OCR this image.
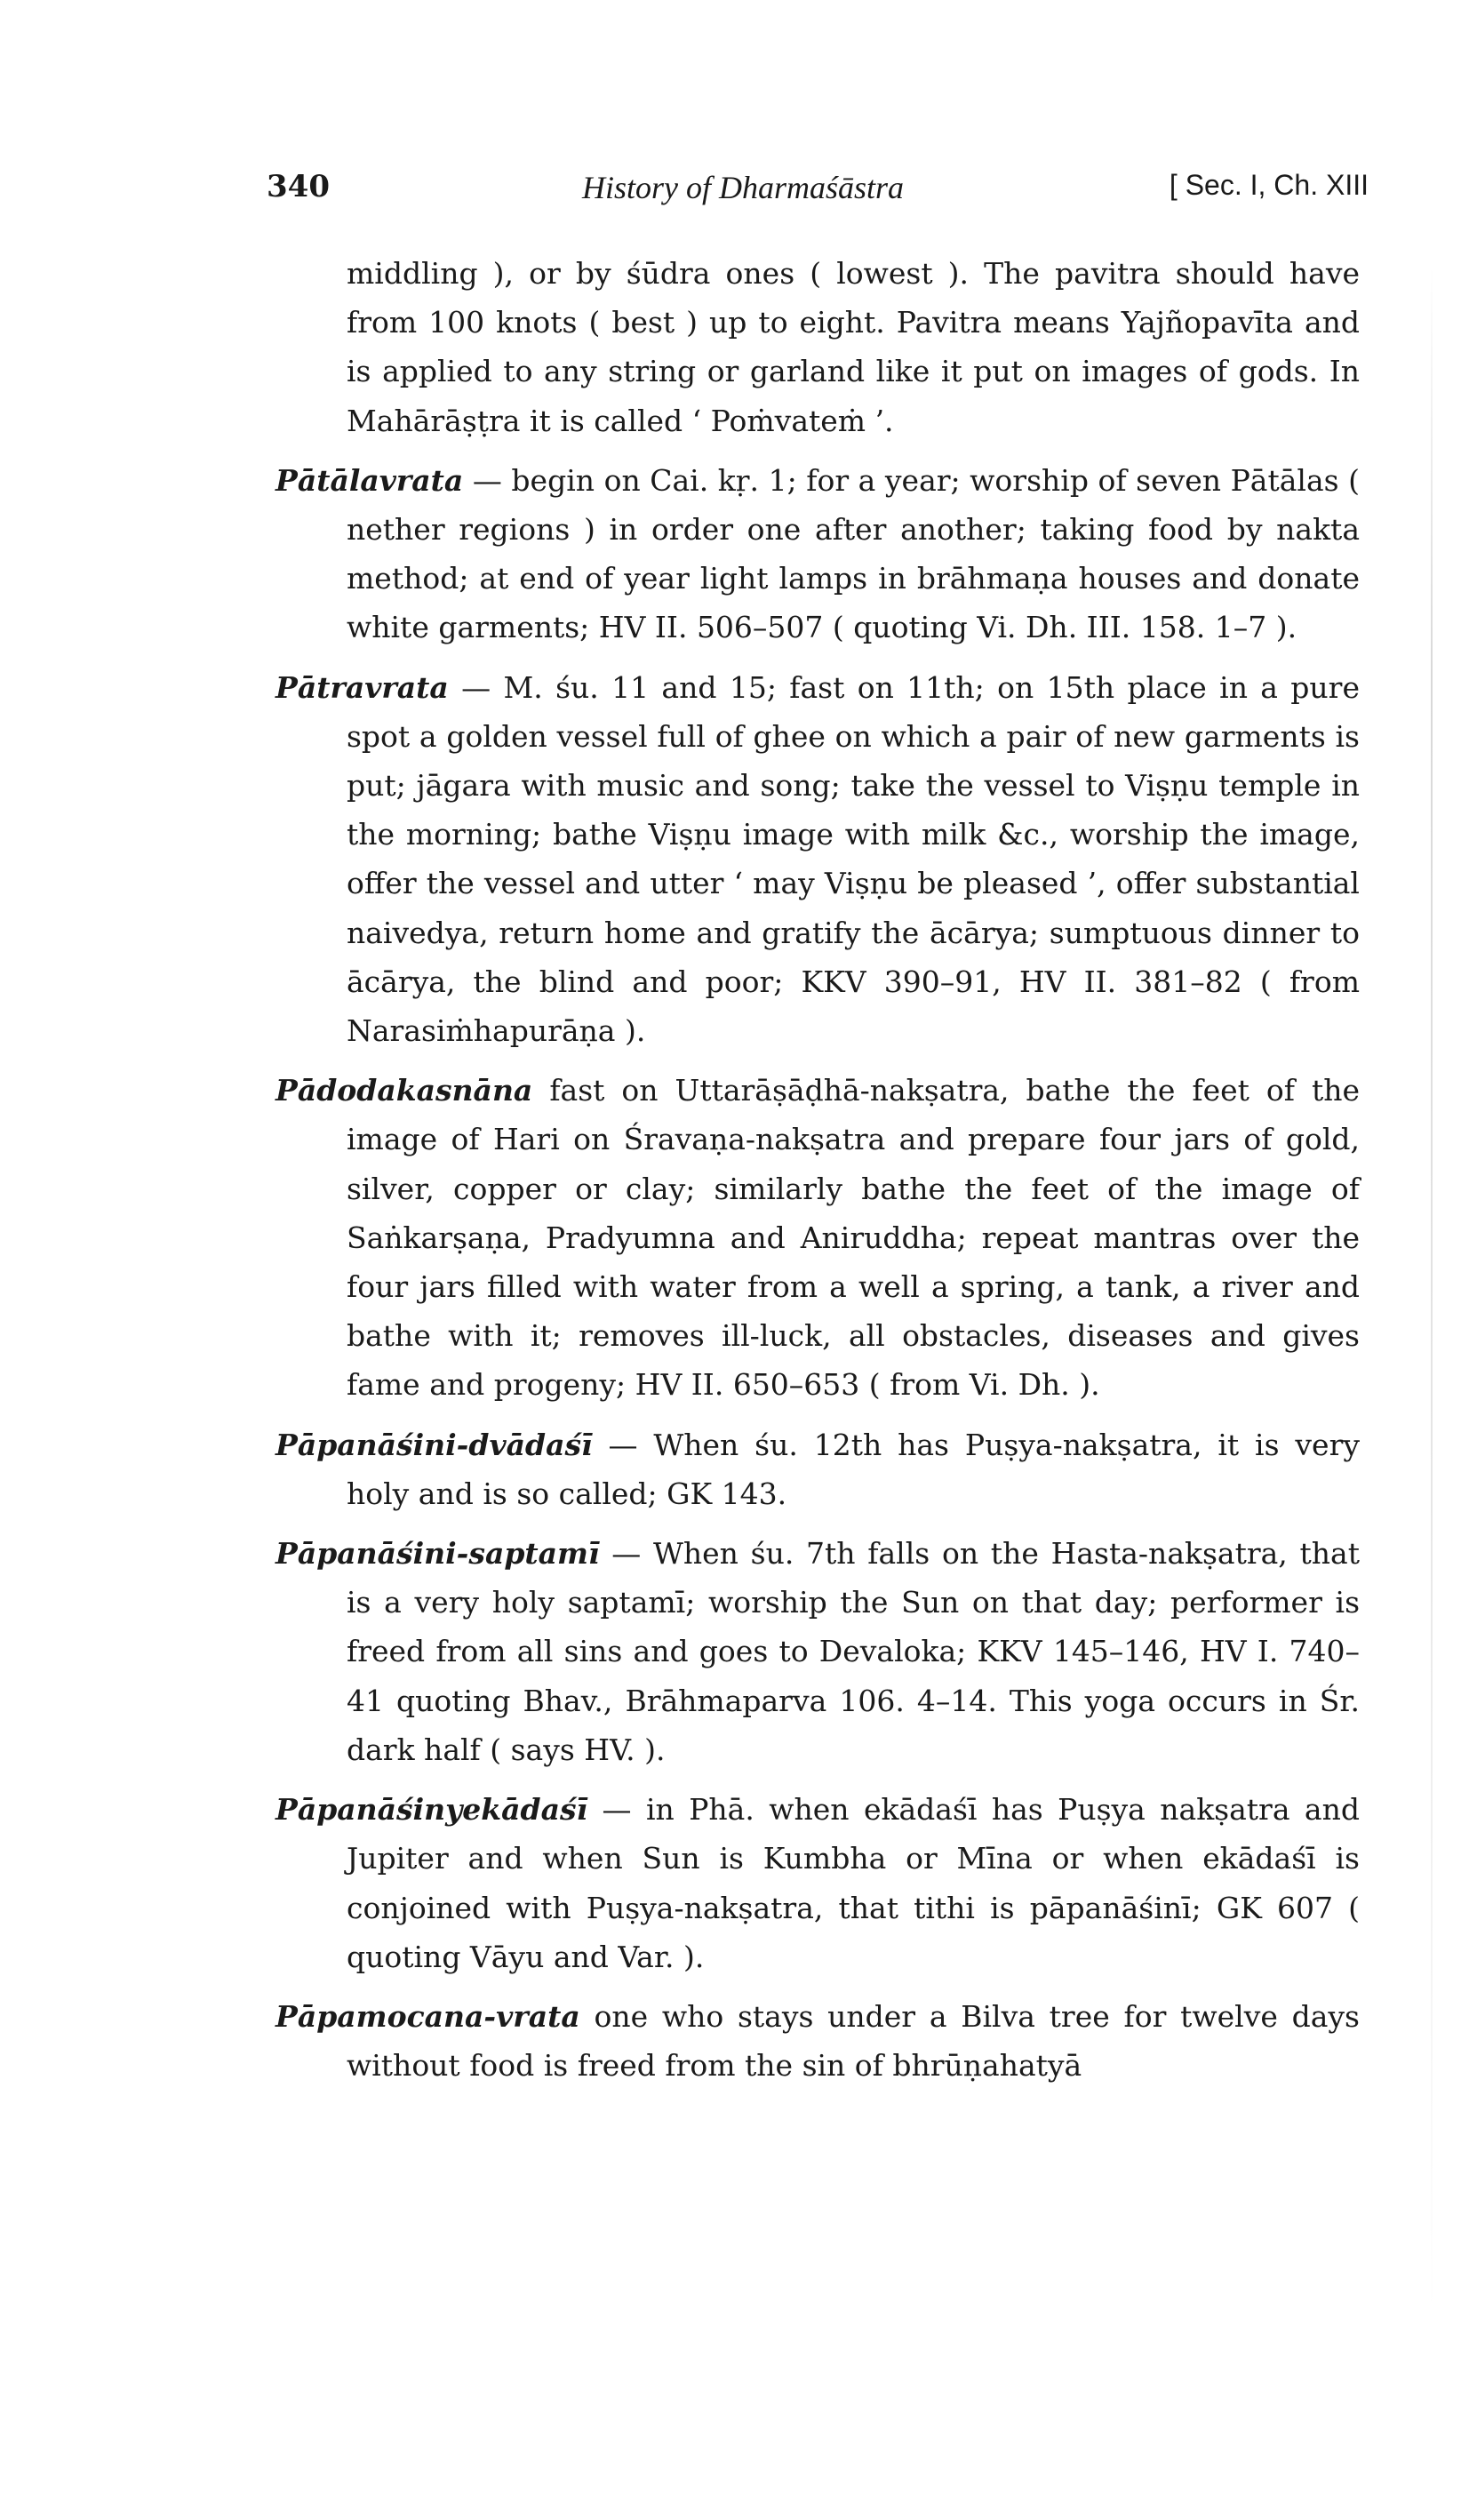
340	History of Dharmaśāstra	[ Sec. I, Ch. XIII

middling ), or by śūdra ones ( lowest ). The pavitra should have from 100 knots ( best ) up to eight. Pavitra means Yajñopavīta and is applied to any string or garland like it put on images of gods. In Mahārāṣṭra it is called ‘ Poṁvateṁ ’.

Pātālavrata — begin on Cai. kṛ. 1; for a year; worship of seven Pātālas ( nether regions ) in order one after another; taking food by nakta method; at end of year light lamps in brāhmaṇa houses and donate white garments; HV II. 506–507 ( quoting Vi. Dh. III. 158. 1–7 ).

Pātravrata — M. śu. 11 and 15; fast on 11th; on 15th place in a pure spot a golden vessel full of ghee on which a pair of new garments is put; jāgara with music and song; take the vessel to Viṣṇu temple in the morning; bathe Viṣṇu image with milk &c., worship the image, offer the vessel and utter ‘ may Viṣṇu be pleased ’, offer substantial naivedya, return home and gratify the ācārya; sumptuous dinner to ācārya, the blind and poor; KKV 390–91, HV II. 381–82 ( from Narasiṁhapurāṇa ).

Pādodakasnāna fast on Uttarāṣāḍhā-nakṣatra, bathe the feet of the image of Hari on Śravaṇa-nakṣatra and prepare four jars of gold, silver, copper or clay; similarly bathe the feet of the image of Saṅkarṣaṇa, Pradyumna and Aniruddha; repeat mantras over the four jars filled with water from a well a spring, a tank, a river and bathe with it; removes ill-luck, all obstacles, diseases and gives fame and progeny; HV II. 650–653 ( from Vi. Dh. ).

Pāpanāśini-dvādaśī — When śu. 12th has Puṣya-nakṣatra, it is very holy and is so called; GK 143.

Pāpanāśini-saptamī — When śu. 7th falls on the Hasta-nakṣatra, that is a very holy saptamī; worship the Sun on that day; performer is freed from all sins and goes to Devaloka; KKV 145–146, HV I. 740–41 quoting Bhav., Brāhmaparva 106. 4–14. This yoga occurs in Śr. dark half ( says HV. ).

Pāpanāśinyekādaśī — in Phā. when ekādaśī has Puṣya nakṣatra and Jupiter and when Sun is Kumbha or Mīna or when ekādaśī is conjoined with Puṣya-nakṣatra, that tithi is pāpanāśinī; GK 607 ( quoting Vāyu and Var. ).

Pāpamocana-vrata one who stays under a Bilva tree for twelve days without food is freed from the sin of bhrūṇahatyā
